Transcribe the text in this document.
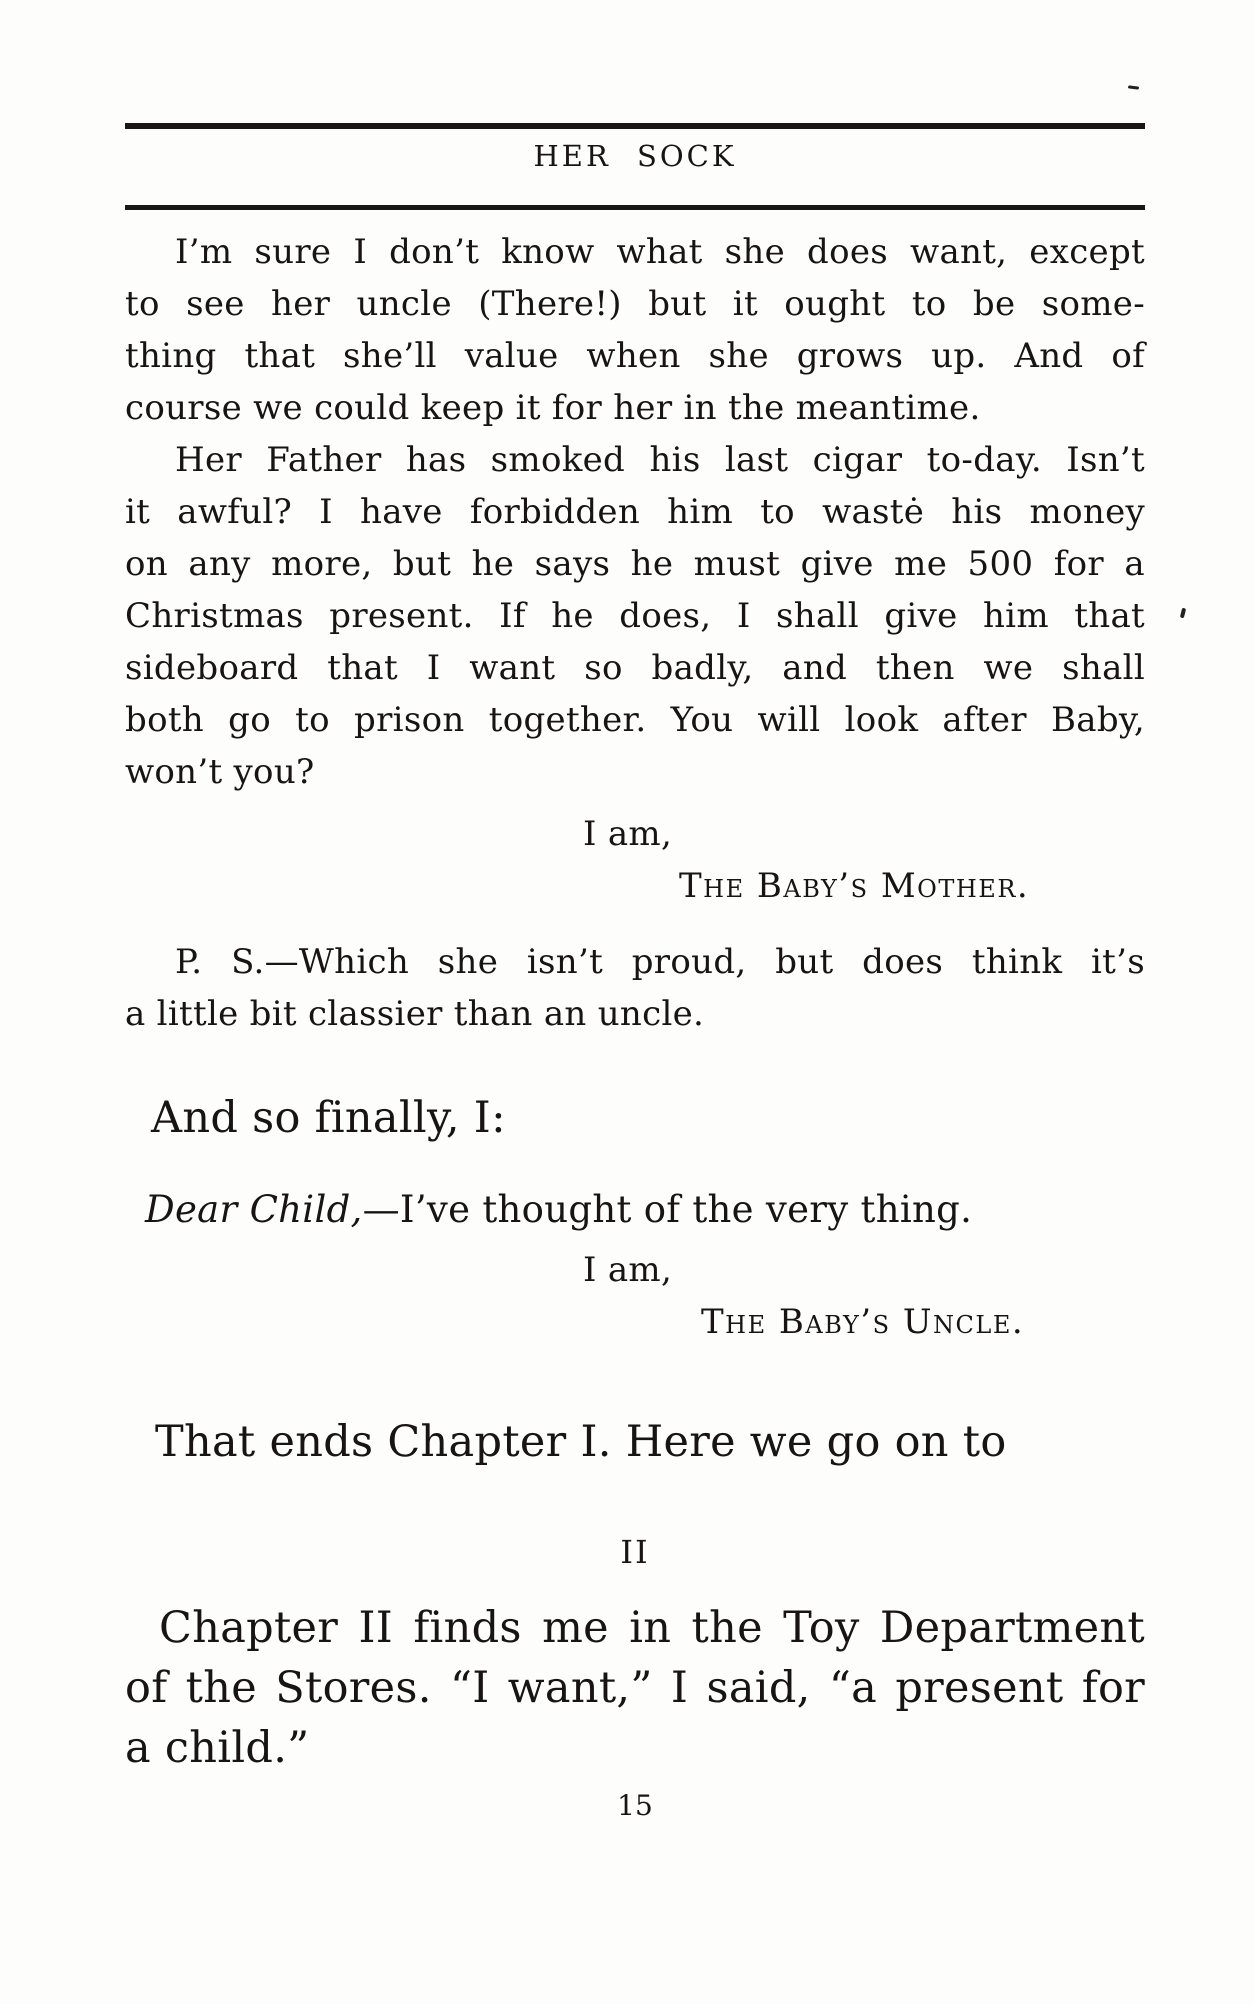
HER SOCK
I’m sure I don’t know what she does want, except
to see her uncle (There!) but it ought to be some-
thing that she’ll value when she grows up. And of
course we could keep it for her in the meantime.
Her Father has smoked his last cigar to-day. Isn’t
it awful? I have forbidden him to wastė his money
on any more, but he says he must give me 500 for a
Christmas present. If he does, I shall give him that
sideboard that I want so badly, and then we shall
both go to prison together. You will look after Baby,
won’t you?
I am,
The Baby’s Mother.
P. S.—Which she isn’t proud, but does think it’s
a little bit classier than an uncle.
And so finally, I:
Dear Child,—I’ve thought of the very thing.
I am,
The Baby’s Uncle.
That ends Chapter I. Here we go on to
II
Chapter II finds me in the Toy Department
of the Stores. “I want,” I said, “a present for
a child.”
15
